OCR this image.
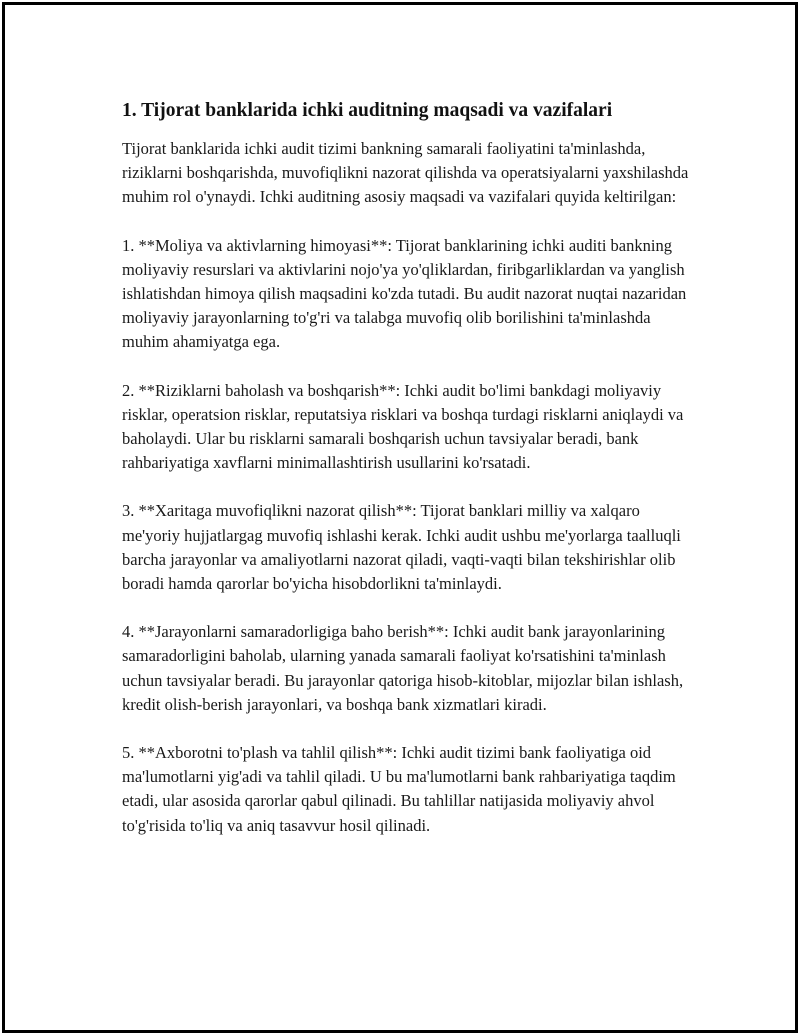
1. Tijorat banklarida ichki auditning maqsadi va vazifalari

Tijorat banklarida ichki audit tizimi bankning samarali faoliyatini ta'minlashda, riziklarni boshqarishda, muvofiqlikni nazorat qilishda va operatsiyalarni yaxshilashda muhim rol o'ynaydi. Ichki auditning asosiy maqsadi va vazifalari quyida keltirilgan:

1. **Moliya va aktivlarning himoyasi**: Tijorat banklarining ichki auditi bankning moliyaviy resurslari va aktivlarini nojo'ya yo'qliklardan, firibgarliklardan va yanglish ishlatishdan himoya qilish maqsadini ko'zda tutadi. Bu audit nazorat nuqtai nazaridan moliyaviy jarayonlarning to'g'ri va talabga muvofiq olib borilishini ta'minlashda muhim ahamiyatga ega.

2. **Riziklarni baholash va boshqarish**: Ichki audit bo'limi bankdagi moliyaviy risklar, operatsion risklar, reputatsiya risklari va boshqa turdagi risklarni aniqlaydi va baholaydi. Ular bu risklarni samarali boshqarish uchun tavsiyalar beradi, bank rahbariyatiga xavflarni minimallashtirish usullarini ko'rsatadi.

3. **Xaritaga muvofiqlikni nazorat qilish**: Tijorat banklari milliy va xalqaro me'yoriy hujjatlargag muvofiq ishlashi kerak. Ichki audit ushbu me'yorlarga taalluqli barcha jarayonlar va amaliyotlarni nazorat qiladi, vaqti-vaqti bilan tekshirishlar olib boradi hamda qarorlar bo'yicha hisobdorlikni ta'minlaydi.

4. **Jarayonlarni samaradorligiga baho berish**: Ichki audit bank jarayonlarining samaradorligini baholab, ularning yanada samarali faoliyat ko'rsatishini ta'minlash uchun tavsiyalar beradi. Bu jarayonlar qatoriga hisob-kitoblar, mijozlar bilan ishlash, kredit olish-berish jarayonlari, va boshqa bank xizmatlari kiradi.

5. **Axborotni to'plash va tahlil qilish**: Ichki audit tizimi bank faoliyatiga oid ma'lumotlarni yig'adi va tahlil qiladi. U bu ma'lumotlarni bank rahbariyatiga taqdim etadi, ular asosida qarorlar qabul qilinadi. Bu tahlillar natijasida moliyaviy ahvol to'g'risida to'liq va aniq tasavvur hosil qilinadi.
